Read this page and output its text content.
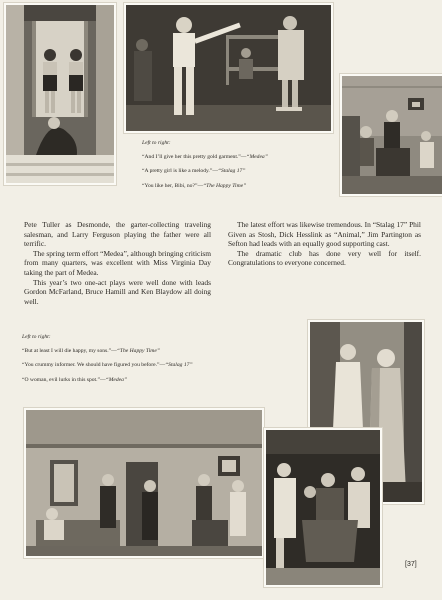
Left to right:

“And I’ll give her this pretty gold garment.”—“Medea”

“A pretty girl is like a melody.”—“Stalag 17”

“You like her, Bibi, no?”—“The Happy Time”

Pete Tuller as Desmonde, the garter-collecting traveling salesman, and Larry Ferguson playing the father were all terrific.

The spring term effort “Medea”, although bringing criticism from many quarters, was excellent with Miss Virginia Day taking the part of Medea.

This year’s two one-act plays were well done with leads Gordon McFarland, Bruce Hamill and Ken Blaydow all doing well.

The latest effort was likewise tremendous. In “Stalag 17” Phil Given as Stosh, Dick Hesslink as “Animal,” Jim Partington as Sefton had leads with an equally good supporting cast.

The dramatic club has done very well for itself. Congratulations to everyone concerned.

Left to right:

“But at least I will die happy, my sons.”—“The Happy Time”

“You crummy informer. We should have figured you before.”—“Stalag 17”

“O woman, evil lurks in this spot.”—“Medea”

[37]
